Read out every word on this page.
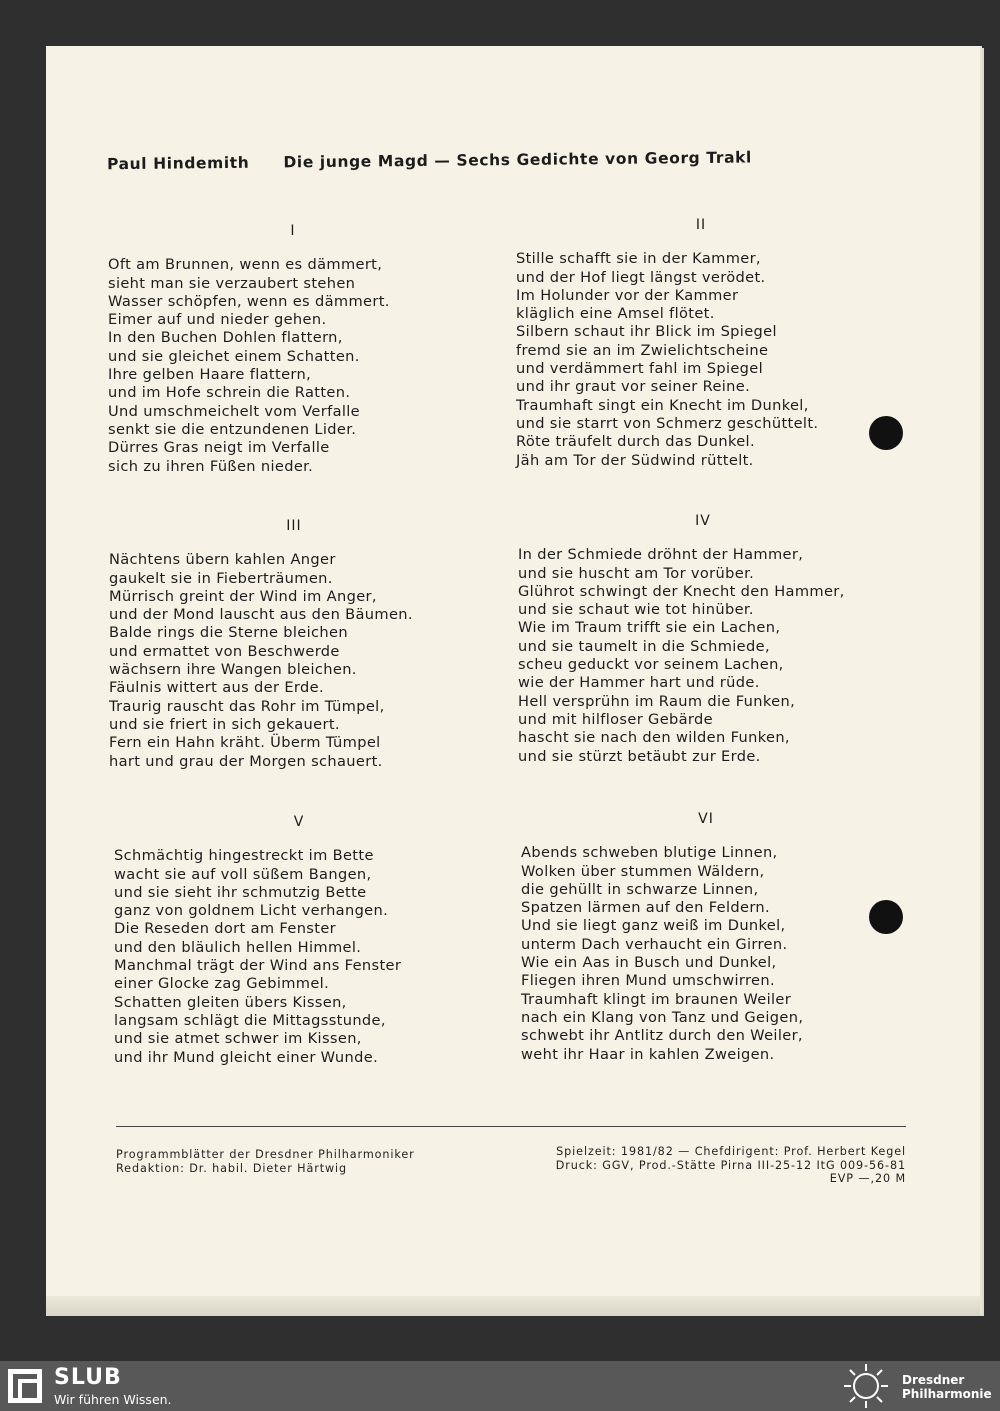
Paul Hindemith Die junge Magd — Sechs Gedichte von Georg Trakl
I
Oft am Brunnen, wenn es dämmert,
sieht man sie verzaubert stehen
Wasser schöpfen, wenn es dämmert.
Eimer auf und nieder gehen.
In den Buchen Dohlen flattern,
und sie gleichet einem Schatten.
Ihre gelben Haare flattern,
und im Hofe schrein die Ratten.
Und umschmeichelt vom Verfalle
senkt sie die entzundenen Lider.
Dürres Gras neigt im Verfalle
sich zu ihren Füßen nieder.
II
Stille schafft sie in der Kammer,
und der Hof liegt längst verödet.
Im Holunder vor der Kammer
kläglich eine Amsel flötet.
Silbern schaut ihr Blick im Spiegel
fremd sie an im Zwielichtscheine
und verdämmert fahl im Spiegel
und ihr graut vor seiner Reine.
Traumhaft singt ein Knecht im Dunkel,
und sie starrt von Schmerz geschüttelt.
Röte träufelt durch das Dunkel.
Jäh am Tor der Südwind rüttelt.
III
Nächtens übern kahlen Anger
gaukelt sie in Fieberträumen.
Mürrisch greint der Wind im Anger,
und der Mond lauscht aus den Bäumen.
Balde rings die Sterne bleichen
und ermattet von Beschwerde
wächsern ihre Wangen bleichen.
Fäulnis wittert aus der Erde.
Traurig rauscht das Rohr im Tümpel,
und sie friert in sich gekauert.
Fern ein Hahn kräht. Überm Tümpel
hart und grau der Morgen schauert.
IV
In der Schmiede dröhnt der Hammer,
und sie huscht am Tor vorüber.
Glührot schwingt der Knecht den Hammer,
und sie schaut wie tot hinüber.
Wie im Traum trifft sie ein Lachen,
und sie taumelt in die Schmiede,
scheu geduckt vor seinem Lachen,
wie der Hammer hart und rüde.
Hell versprühn im Raum die Funken,
und mit hilfloser Gebärde
hascht sie nach den wilden Funken,
und sie stürzt betäubt zur Erde.
V
Schmächtig hingestreckt im Bette
wacht sie auf voll süßem Bangen,
und sie sieht ihr schmutzig Bette
ganz von goldnem Licht verhangen.
Die Reseden dort am Fenster
und den bläulich hellen Himmel.
Manchmal trägt der Wind ans Fenster
einer Glocke zag Gebimmel.
Schatten gleiten übers Kissen,
langsam schlägt die Mittagsstunde,
und sie atmet schwer im Kissen,
und ihr Mund gleicht einer Wunde.
VI
Abends schweben blutige Linnen,
Wolken über stummen Wäldern,
die gehüllt in schwarze Linnen,
Spatzen lärmen auf den Feldern.
Und sie liegt ganz weiß im Dunkel,
unterm Dach verhaucht ein Girren.
Wie ein Aas in Busch und Dunkel,
Fliegen ihren Mund umschwirren.
Traumhaft klingt im braunen Weiler
nach ein Klang von Tanz und Geigen,
schwebt ihr Antlitz durch den Weiler,
weht ihr Haar in kahlen Zweigen.
Programmblätter der Dresdner Philharmoniker
Redaktion: Dr. habil. Dieter Härtwig
Spielzeit: 1981/82 — Chefdirigent: Prof. Herbert Kegel
Druck: GGV, Prod.-Stätte Pirna III-25-12 ItG 009-56-81
EVP —,20 M
SLUB
Wir führen Wissen.
Dresdner
Philharmonie
